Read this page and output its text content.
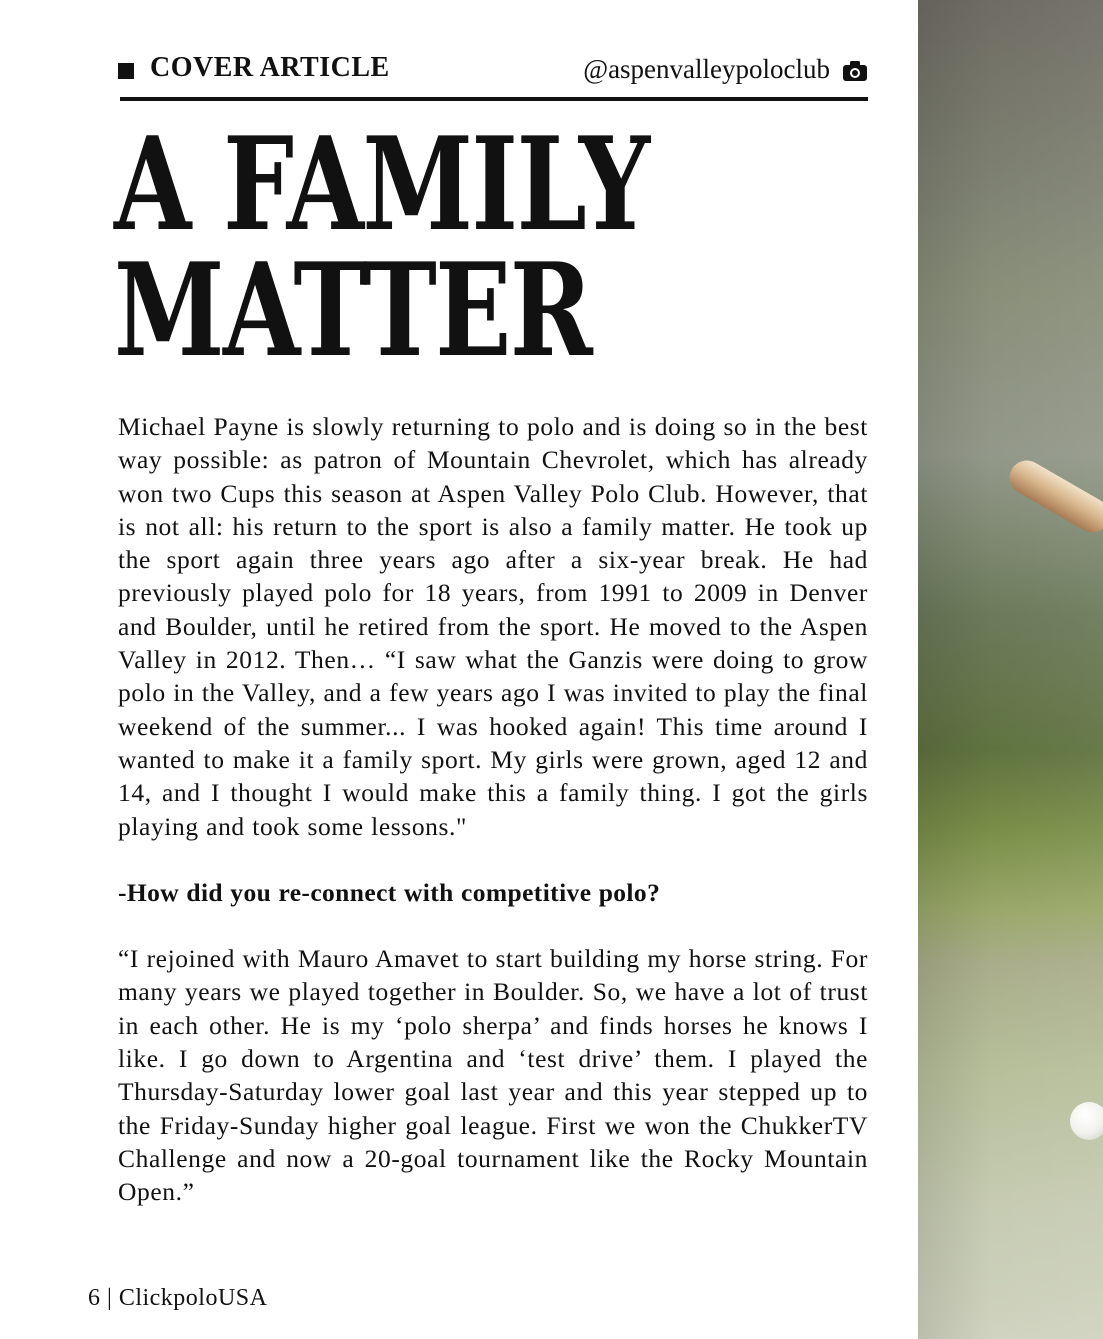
COVER ARTICLE	@aspenvalleypoloclub
A FAMILY
MATTER

Michael Payne is slowly returning to polo and is doing so in the best way possible: as patron of Mountain Chevrolet, which has already won two Cups this season at Aspen Valley Polo Club. However, that is not all: his return to the sport is also a family matter. He took up the sport again three years ago after a six-year break. He had previously played polo for 18 years, from 1991 to 2009 in Denver and Boulder, until he retired from the sport. He moved to the Aspen Valley in 2012. Then… “I saw what the Ganzis were doing to grow polo in the Valley, and a few years ago I was invited to play the final weekend of the summer... I was hooked again! This time around I wanted to make it a family sport. My girls were grown, aged 12 and 14, and I thought I would make this a family thing. I got the girls playing and took some lessons."

-How did you re-connect with competitive polo?

“I rejoined with Mauro Amavet to start building my horse string. For many years we played together in Boulder. So, we have a lot of trust in each other. He is my ‘polo sherpa’ and finds horses he knows I like. I go down to Argentina and ‘test drive’ them. I played the Thursday-Saturday lower goal last year and this year stepped up to the Friday-Sunday higher goal league. First we won the ChukkerTV Challenge and now a 20-goal tournament like the Rocky Mountain Open.”

6 | ClickpoloUSA
